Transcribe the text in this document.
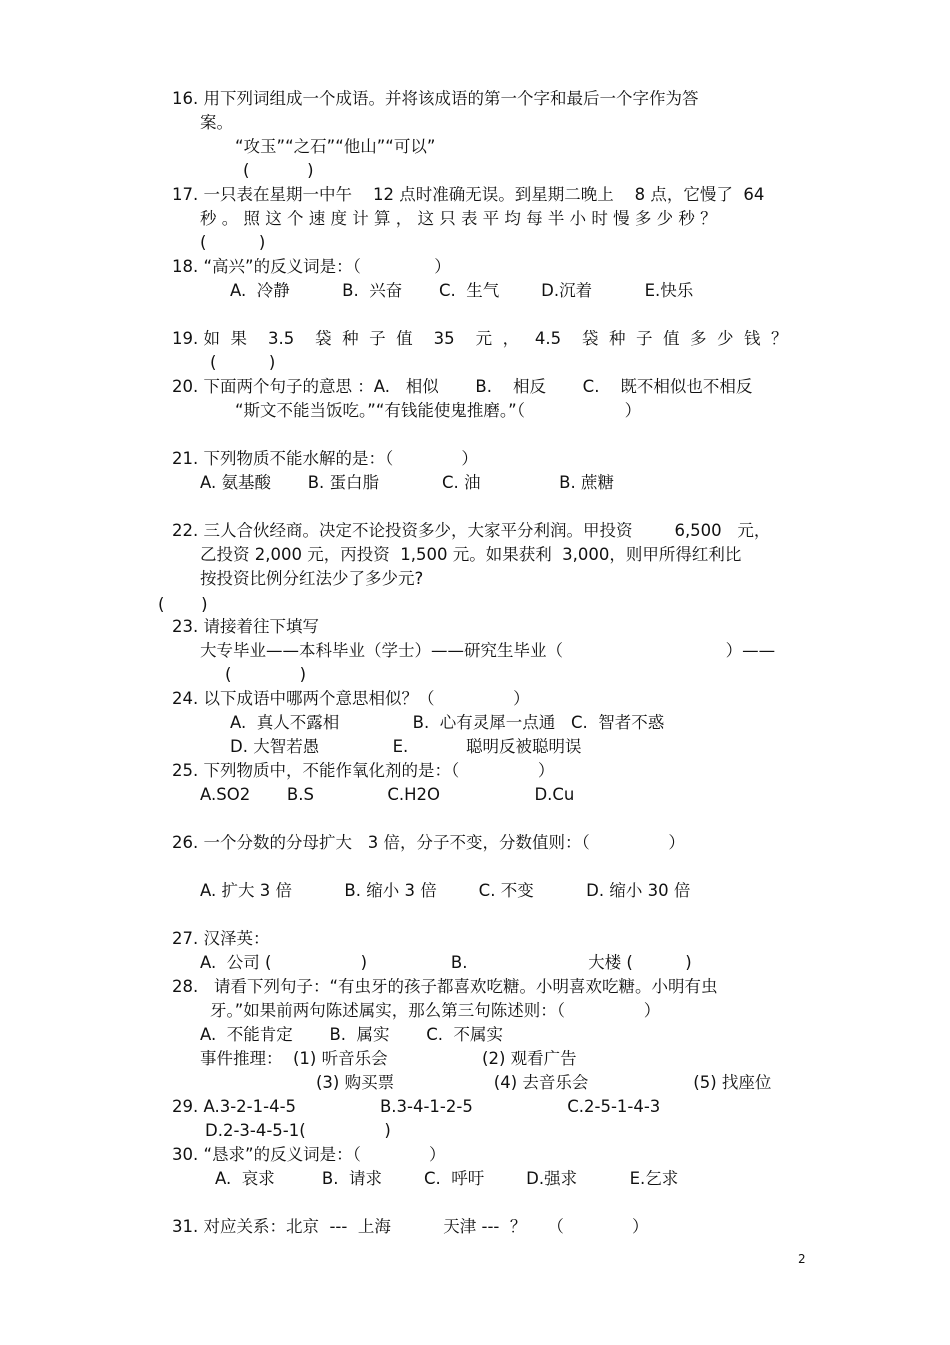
16. 用下列词组成一个成语。并将该成语的第一个字和最后一个字作为答
案。
“攻玉”“之石”“他山”“可以”
(           )
17. 一只表在星期一中午    12 点时准确无误。到星期二晚上    8 点，它慢了  64
秒 。 照 这 个 速 度 计 算 ， 这 只 表 平 均 每 半 小 时 慢 多 少 秒 ？
(          )
18. “高兴”的反义词是：（              ）
A.  冷静          B.  兴奋       C.  生气        D.沉着          E.快乐
19. 如  果    3.5    袋  种  子  值    35    元  ，   4.5    袋  种  子  值  多  少  钱  ？
(          )
20. 下面两个句子的意思 ：A.   相似       B.    相反       C.    既不相似也不相反
“斯文不能当饭吃。”“有钱能使鬼推磨。”（                   ）
21. 下列物质不能水解的是：（             ）
A. 氨基酸       B. 蛋白脂            C. 油               B. 蔗糖
22. 三人合伙经商。决定不论投资多少，大家平分利润。甲投资        6,500   元，
乙投资 2,000 元，丙投资  1,500 元。如果获利  3,000，则甲所得红利比
按投资比例分红法少了多少元?
(       )
23. 请接着往下填写
大专毕业——本科毕业（学士）——研究生毕业（                               ）——
(             )
24. 以下成语中哪两个意思相似？（               ）
A.  真人不露相              B.  心有灵犀一点通   C.  智者不惑
D. 大智若愚              E.           聪明反被聪明误
25. 下列物质中，不能作氧化剂的是：（               ）
A.SO2       B.S              C.H2O                  D.Cu
26. 一个分数的分母扩大   3 倍，分子不变，分数值则：（               ）
A. 扩大 3 倍          B. 缩小 3 倍        C. 不变          D. 缩小 30 倍
27. 汉泽英：
A.  公司 (                 )                B.                       大楼 (          )
28.   请看下列句子：“有虫牙的孩子都喜欢吃糖。小明喜欢吃糖。小明有虫
牙。”如果前两句陈述属实，那么第三句陈述则：（               ）
A.  不能肯定       B.  属实       C.  不属实
事件推理：  (1) 听音乐会                  (2) 观看广告
(3) 购买票                   (4) 去音乐会                    (5) 找座位
29. A.3-2-1-4-5                B.3-4-1-2-5                  C.2-5-1-4-3
D.2-3-4-5-1(               )
30. “恳求”的反义词是：（             ）
A.  哀求         B.  请求        C.  呼吁        D.强求          E.乞求
31. 对应关系：北京  ---  上海          天津 ---  ？    （             ）
2
